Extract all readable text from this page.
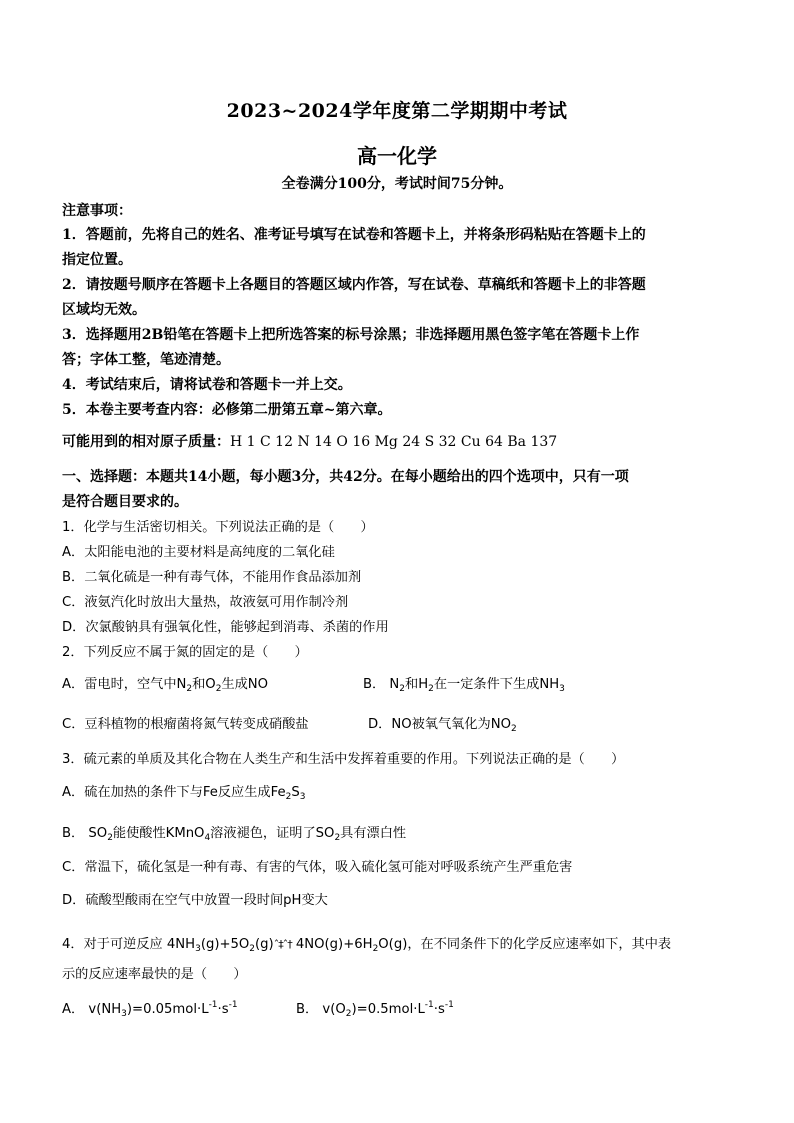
2023~2024学年度第二学期期中考试
高一化学
全卷满分100分，考试时间75分钟。
注意事项：
1．答题前，先将自己的姓名、准考证号填写在试卷和答题卡上，并将条形码粘贴在答题卡上的
指定位置。
2．请按题号顺序在答题卡上各题目的答题区域内作答，写在试卷、草稿纸和答题卡上的非答题
区域均无效。
3．选择题用2B铅笔在答题卡上把所选答案的标号涂黑；非选择题用黑色签字笔在答题卡上作
答；字体工整，笔迹清楚。
4．考试结束后，请将试卷和答题卡一并上交。
5．本卷主要考查内容：必修第二册第五章~第六章。
可能用到的相对原子质量：H 1 C 12 N 14 O 16 Mg 24 S 32 Cu 64 Ba 137
一、选择题：本题共14小题，每小题3分，共42分。在每小题给出的四个选项中，只有一项
是符合题目要求的。
1．化学与生活密切相关。下列说法正确的是（　　）
A．太阳能电池的主要材料是高纯度的二氧化硅
B．二氧化硫是一种有毒气体，不能用作食品添加剂
C．液氨汽化时放出大量热，故液氨可用作制冷剂
D．次氯酸钠具有强氧化性，能够起到消毒、杀菌的作用
2．下列反应不属于氮的固定的是（　　）
A．雷电时，空气中$N_2$和$O_2$生成NO	B． $N_2$和$H_2$在一定条件下生成$NH_3$
C．豆科植物的根瘤菌将氮气转变成硝酸盐	D．NO被氧气氧化为$NO_2$
3．硫元素的单质及其化合物在人类生产和生活中发挥着重要的作用。下列说法正确的是（　　）
A．硫在加热的条件下与Fe反应生成$Fe_2S_3$
B． $SO_2$能使酸性KMnO$_4$溶液褪色，证明了$SO_2$具有漂白性
C．常温下，硫化氢是一种有毒、有害的气体，吸入硫化氢可能对呼吸系统产生严重危害
D．硫酸型酸雨在空气中放置一段时间pH变大
4．对于可逆反应 $4NH_3(g)+5O_2(g)ˆ\ddagger ˆ\dagger$ $4NO(g)+6H_2O(g)$，在不同条件下的化学反应速率如下，其中表
示的反应速率最快的是（　　）
A． $v(NH_3)=0.05mol\cdot L^{-1}\cdot s^{-1}$	B． $v(O_2)=0.5mol\cdot L^{-1}\cdot s^{-1}$
